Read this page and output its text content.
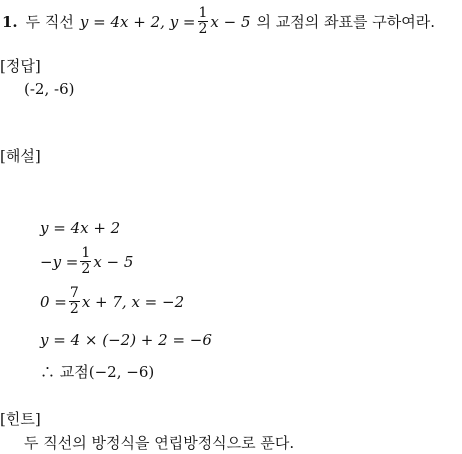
1. 두 직선 y = 4x + 2, $y = \frac{1}{2}$ x − 5 의 교점의 좌표를 구하여라.
[정답]
(-2, -6)
[해설]
y = 4x + 2
$-y = \frac{1}{2}$ x − 5
$0 = \frac{7}{2}$ x + 7, x = −2
y = 4 × (−2) + 2 = −6
∴ 교점 (−2, −6)
[힌트]
두 직선의 방정식을 연립방정식으로 푼다.
